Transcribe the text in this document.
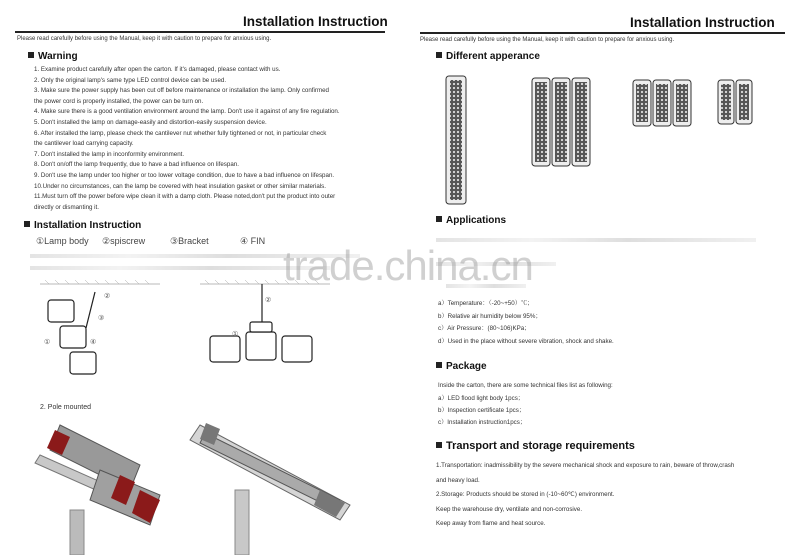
Installation Instruction
Please read carefully before using the Manual, keep it with caution to prepare for anxious using.
Warning
1. Examine product carefully after open the carton. If it's damaged, please contact with us.
2. Only the original lamp's same type LED control device can be used.
3. Make sure the power supply has been cut off before maintenance or installation the lamp. Only confirmed
the power cord is properly installed, the power can be turn on.
4. Make sure there is a good ventilation environment around the lamp. Don't use it against of any fire regulation.
5. Don't installed the lamp on damage-easily and distortion-easily suspension device.
6. After installed the lamp, please check the cantilever nut whether fully tightened or not, in particular check
the cantilever load carrying capacity.
7. Don't installed the lamp in inconformity environment.
8. Don't on/off the lamp frequently, due to have a bad influence on lifespan.
9. Don't use the lamp under too higher or too lower voltage condition, due to have a bad influence on lifespan.
10.Under no circumstances, can the lamp be covered with heat insulation gasket or other similar materials.
11.Must turn off the power before wipe clean it with a damp cloth. Please noted,don't put the product into outer
directly or dismanting it.
Installation Instruction
①Lamp body ②spiscrew	③Bracket	④ FIN
②
③
①	④
②
①
2. Pole mounted
Installation Instruction
Please read carefully before using the Manual, keep it with caution to prepare for anxious using.
Different apperance
Applications
a）Temperature：（-20~+50）℃；
b）Relative air humidity below 95%；
c）Air Pressure：(80~106)KPa；
d）Used in the place without severe vibration, shock and shake.
Package
Inside the carton, there are some technical files list as following:
a）LED flood light body 1pcs；
b）Inspection certificate 1pcs；
c）Installation instruction1pcs；
Transport and storage requirements
1.Transportation: inadmissibility by the severe mechanical shock and exposure to rain, beware of throw,crash
and heavy load.
2.Storage: Products should be stored in (-10~60℃) environment.
Keep the warehouse dry, ventilate and non-corrosive.
Keep away from flame and heat source.
trade.china.cn
